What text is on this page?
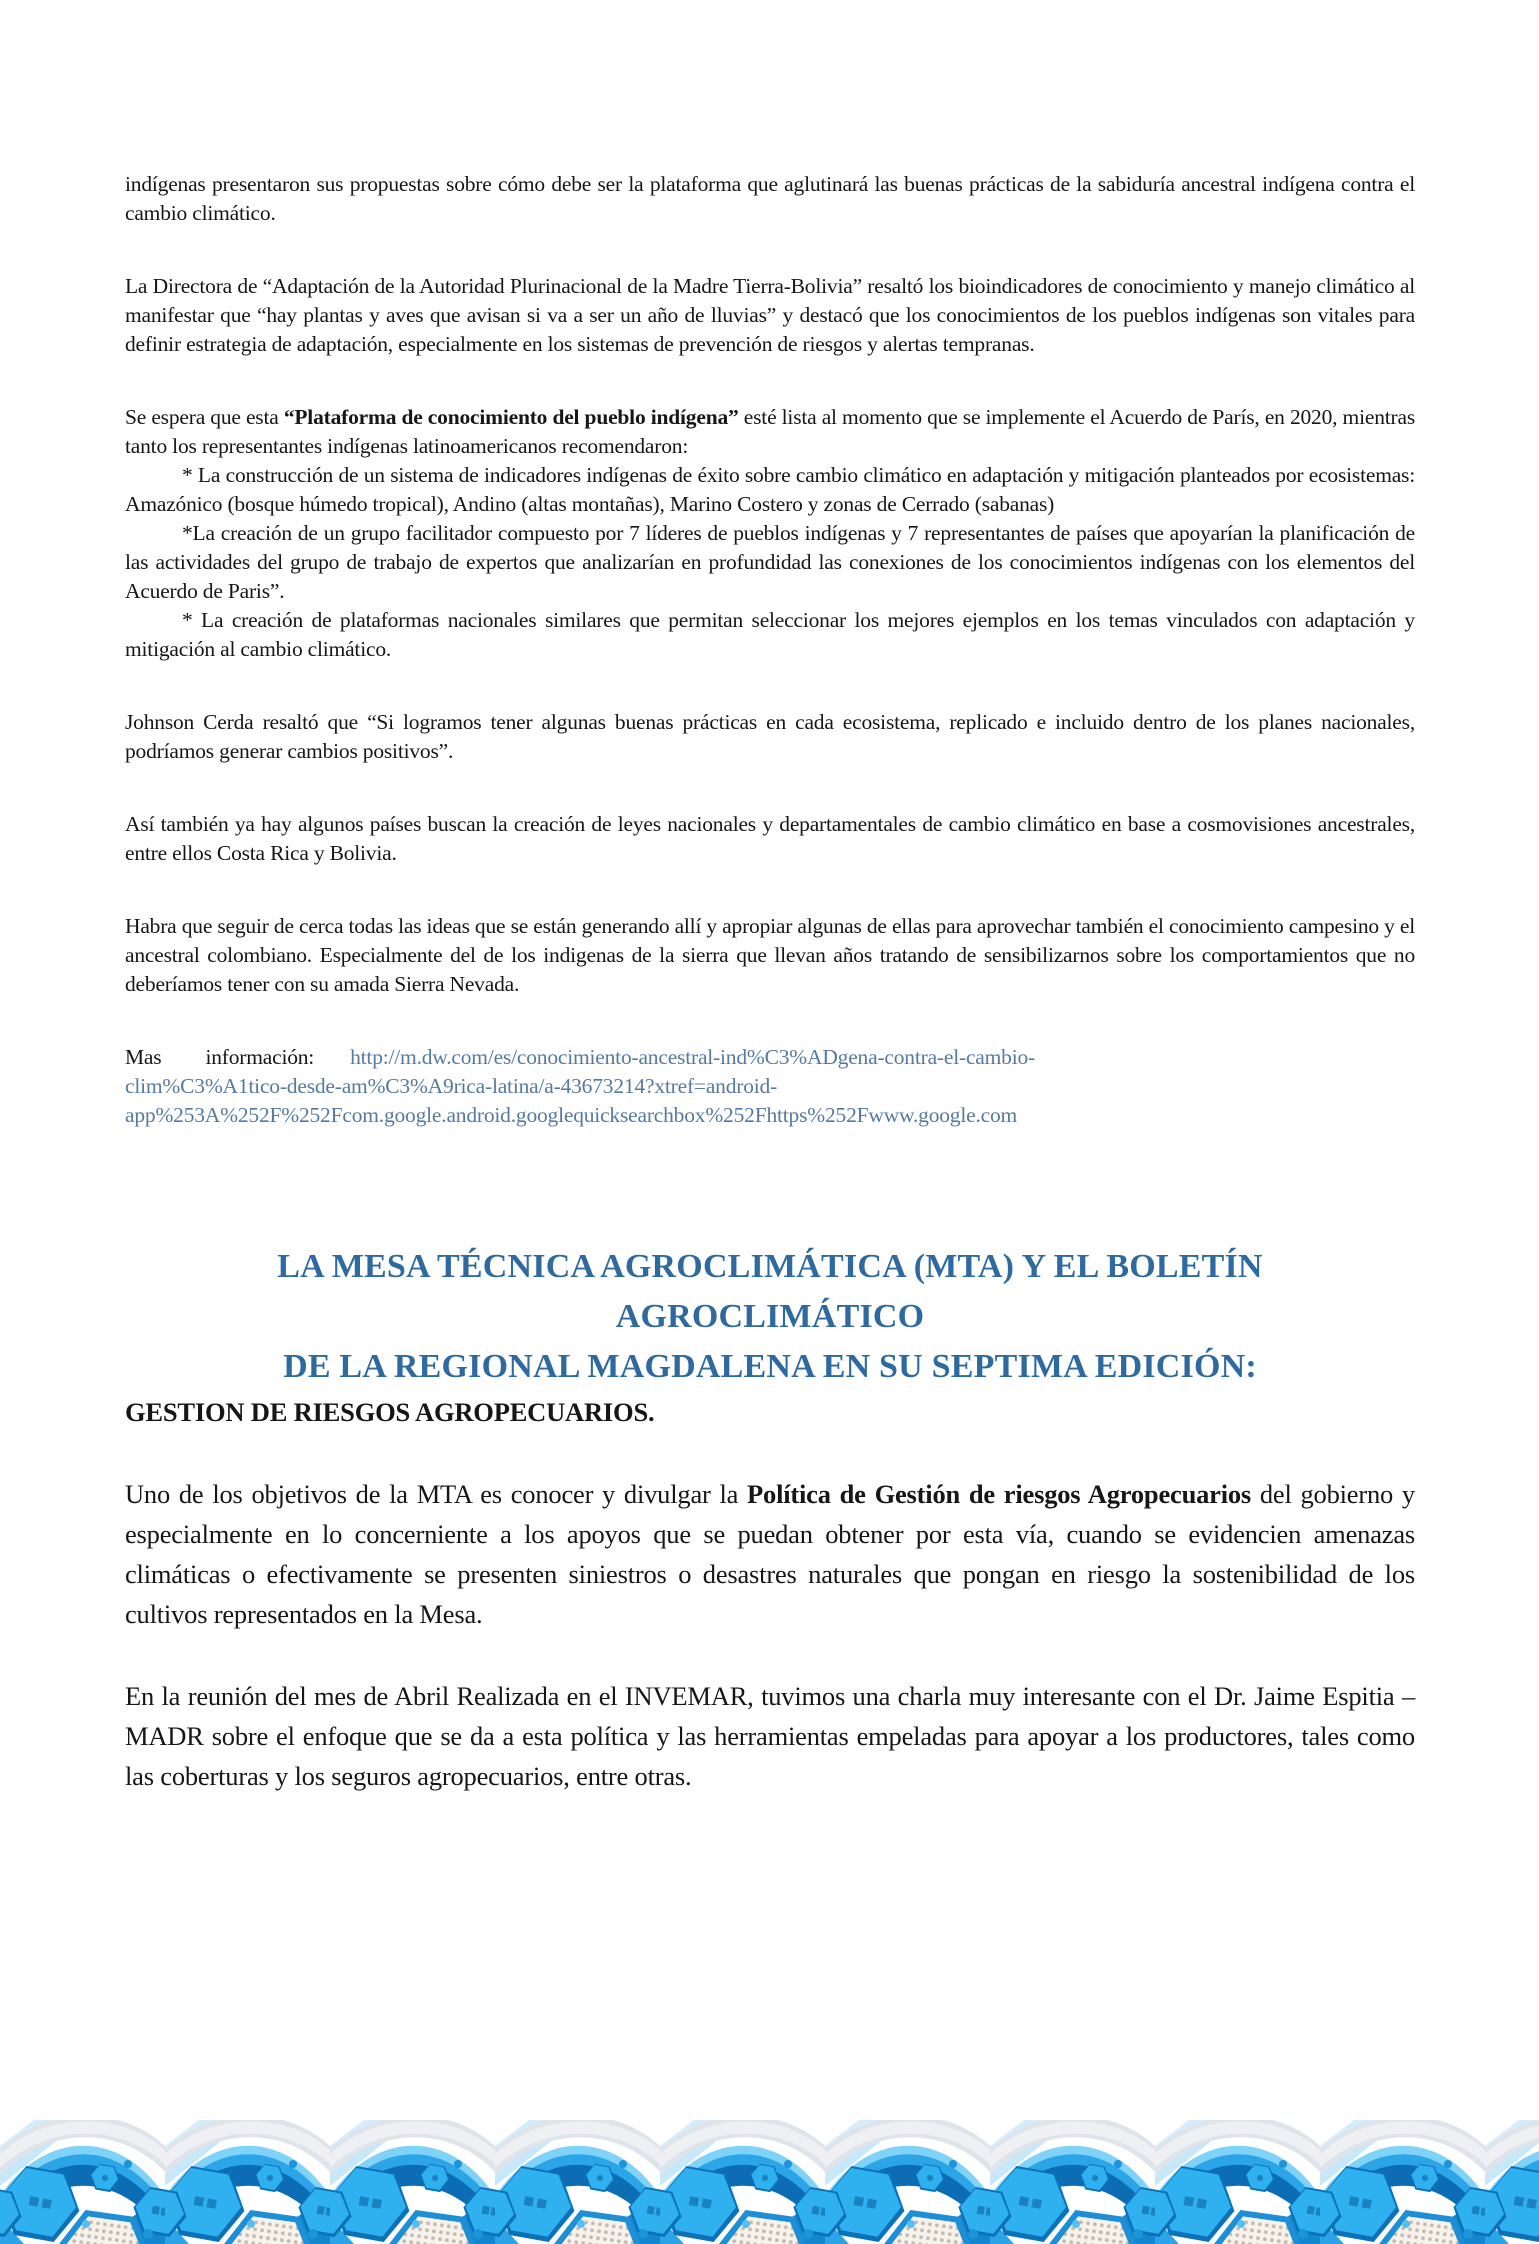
indígenas presentaron sus propuestas sobre cómo debe ser la plataforma que aglutinará las buenas prácticas de la sabiduría ancestral indígena contra el cambio climático.

La Directora de “Adaptación de la Autoridad Plurinacional de la Madre Tierra-Bolivia” resaltó los bioindicadores de conocimiento y manejo climático al manifestar que “hay plantas y aves que avisan si va a ser un año de lluvias” y destacó que los conocimientos de los pueblos indígenas son vitales para definir estrategia de adaptación, especialmente en los sistemas de prevención de riesgos y alertas tempranas.

Se espera que esta “Plataforma de conocimiento del pueblo indígena” esté lista al momento que se implemente el Acuerdo de París, en 2020, mientras tanto los representantes indígenas latinoamericanos recomendaron:

* La construcción de un sistema de indicadores indígenas de éxito sobre cambio climático en adaptación y mitigación planteados por ecosistemas: Amazónico (bosque húmedo tropical), Andino (altas montañas), Marino Costero y zonas de Cerrado (sabanas)

*La creación de un grupo facilitador compuesto por 7 líderes de pueblos indígenas y 7 representantes de países que apoyarían la planificación de las actividades del grupo de trabajo de expertos que analizarían en profundidad las conexiones de los conocimientos indígenas con los elementos del Acuerdo de Paris”.

* La creación de plataformas nacionales similares que permitan seleccionar los mejores ejemplos en los temas vinculados con adaptación y mitigación al cambio climático.

Johnson Cerda resaltó que “Si logramos tener algunas buenas prácticas en cada ecosistema, replicado e incluido dentro de los planes nacionales, podríamos generar cambios positivos”.

Así también ya hay algunos países buscan la creación de leyes nacionales y departamentales de cambio climático en base a cosmovisiones ancestrales, entre ellos Costa Rica y Bolivia.

Habra que seguir de cerca todas las ideas que se están generando allí y apropiar algunas de ellas para aprovechar también el conocimiento campesino y el ancestral colombiano. Especialmente del de los indigenas de la sierra que llevan años tratando de sensibilizarnos sobre los comportamientos que no deberíamos tener con su amada Sierra Nevada.

Mas información: http://m.dw.com/es/conocimiento-ancestral-ind%C3%ADgena-contra-el-cambio-
clim%C3%A1tico-desde-am%C3%A9rica-latina/a-43673214?xtref=android-
app%253A%252F%252Fcom.google.android.googlequicksearchbox%252Fhttps%252Fwww.google.com
LA MESA TÉCNICA AGROCLIMÁTICA (MTA) Y EL BOLETÍN AGROCLIMÁTICO
DE LA REGIONAL MAGDALENA EN SU SEPTIMA EDICIÓN:

GESTION DE RIESGOS AGROPECUARIOS.

Uno de los objetivos de la MTA es conocer y divulgar la Política de Gestión de riesgos Agropecuarios del gobierno y especialmente en lo concerniente a los apoyos que se puedan obtener por esta vía, cuando se evidencien amenazas climáticas o efectivamente se presenten siniestros o desastres naturales que pongan en riesgo la sostenibilidad de los cultivos representados en la Mesa.

En la reunión del mes de Abril Realizada en el INVEMAR, tuvimos una charla muy interesante con el Dr. Jaime Espitia – MADR sobre el enfoque que se da a esta política y las herramientas empeladas para apoyar a los productores, tales como las coberturas y los seguros agropecuarios, entre otras.
